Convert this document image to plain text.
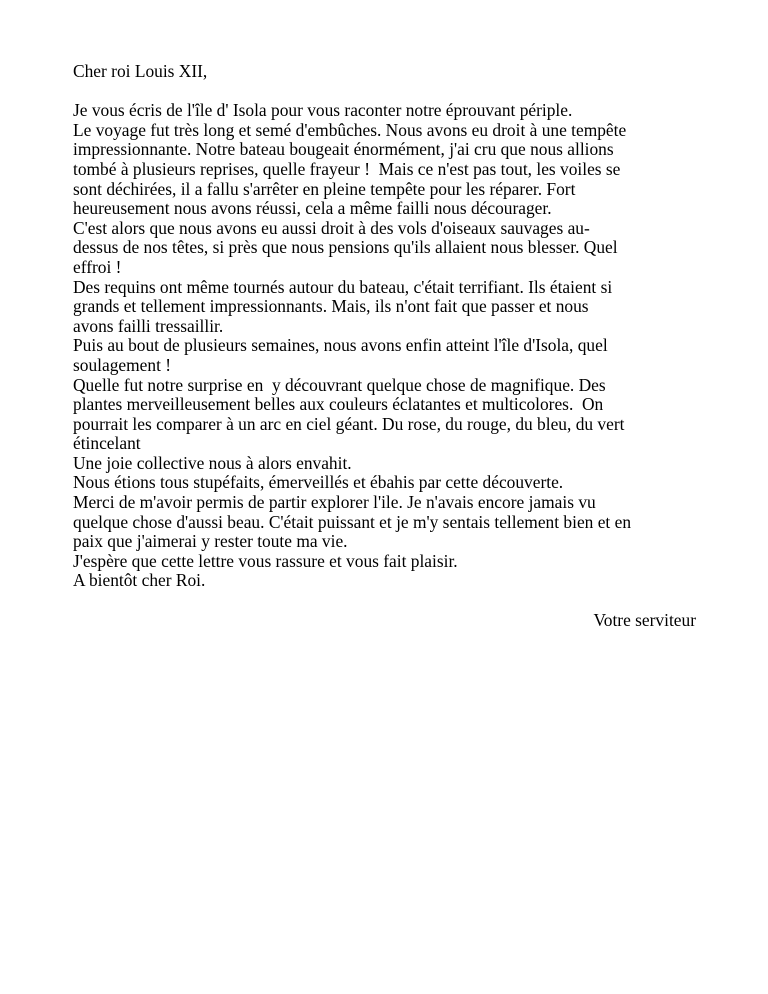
Cher roi Louis XII,
Je vous écris de l'île d' Isola pour vous raconter notre éprouvant périple.
Le voyage fut très long et semé d'embûches. Nous avons eu droit à une tempête
impressionnante. Notre bateau bougeait énormément, j'ai cru que nous allions
tombé à plusieurs reprises, quelle frayeur !  Mais ce n'est pas tout, les voiles se
sont déchirées, il a fallu s'arrêter en pleine tempête pour les réparer. Fort
heureusement nous avons réussi, cela a même failli nous décourager.
C'est alors que nous avons eu aussi droit à des vols d'oiseaux sauvages au-
dessus de nos têtes, si près que nous pensions qu'ils allaient nous blesser. Quel
effroi !
Des requins ont même tournés autour du bateau, c'était terrifiant. Ils étaient si
grands et tellement impressionnants. Mais, ils n'ont fait que passer et nous
avons failli tressaillir.
Puis au bout de plusieurs semaines, nous avons enfin atteint l'île d'Isola, quel
soulagement !
Quelle fut notre surprise en  y découvrant quelque chose de magnifique. Des
plantes merveilleusement belles aux couleurs éclatantes et multicolores.  On
pourrait les comparer à un arc en ciel géant. Du rose, du rouge, du bleu, du vert
étincelant
Une joie collective nous à alors envahit.
Nous étions tous stupéfaits, émerveillés et ébahis par cette découverte.
Merci de m'avoir permis de partir explorer l'ile. Je n'avais encore jamais vu
quelque chose d'aussi beau. C'était puissant et je m'y sentais tellement bien et en
paix que j'aimerai y rester toute ma vie.
J'espère que cette lettre vous rassure et vous fait plaisir.
A bientôt cher Roi.
Votre serviteur
